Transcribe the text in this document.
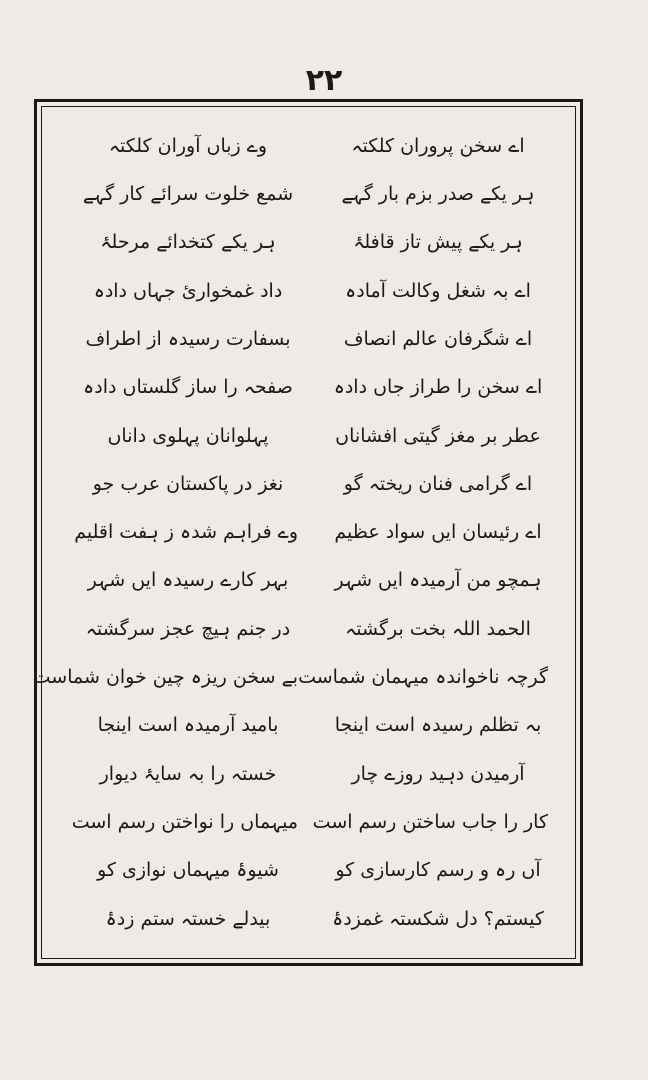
۲۲
اے سخن پروران کلکتہ
وے زباں آوران کلکتہ
ہر یکے صدر بزم بار گہے
شمع خلوت سرائے کار گہے
ہر یکے پیش تاز قافلۂ
ہر یکے کتخدائے مرحلۂ
اے بہ شغل وکالت آمادہ
داد غمخوارئ جہاں دادہ
اے شگرفان عالم انصاف
بسفارت رسیدہ از اطراف
اے سخن را طراز جاں دادہ
صفحہ را ساز گلستاں دادہ
عطر بر مغز گیتی افشاناں
پہلوانان پہلوی داناں
اے گرامی فنان ریختہ گو
نغز در پاکستان عرب جو
اے رئیسان ایں سواد عظیم
وے فراہم شدہ ز ہفت اقلیم
ہمچو من آرمیدہ ایں شہر
بہر کارے رسیدہ ایں شہر
الحمد اللہ بخت برگشتہ
در جنم ہیچ عجز سرگشتہ
گرچہ ناخواندہ میہمان شماست
بے سخن ریزہ چین خوان شماست
بہ تظلم رسیدہ است اینجا
بامید آرمیدہ است اینجا
آرمیدن دہید روزے چار
خستہ را بہ سایۂ دیوار
کار را جاب ساختن رسم است
میہماں را نواختن رسم است
آں رہ و رسم کارسازی کو
شیوۂ میہماں نوازی کو
کیستم؟ دل شکستہ غمزدۂ
بیدلے خستہ ستم زدۂ
